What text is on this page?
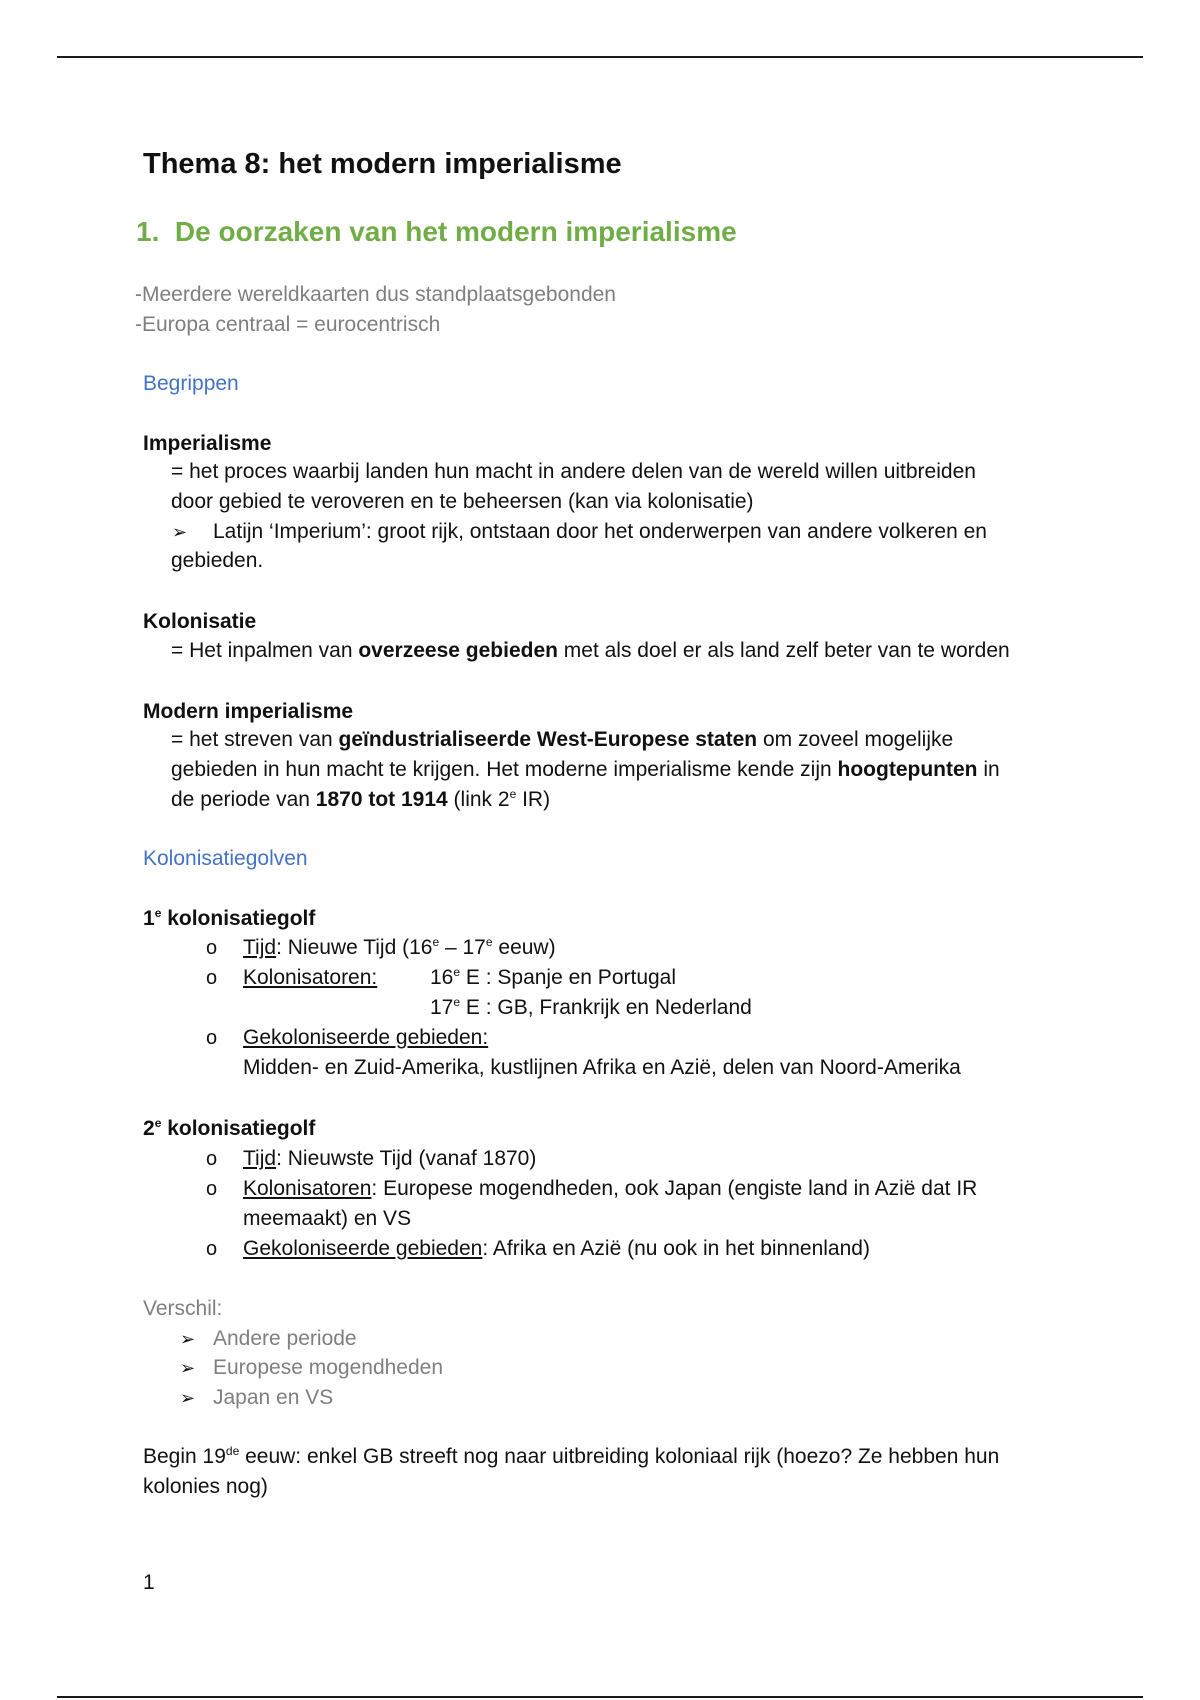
Thema 8: het modern imperialisme
1. De oorzaken van het modern imperialisme
-Meerdere wereldkaarten dus standplaatsgebonden
-Europa centraal = eurocentrisch
Begrippen
Imperialisme
= het proces waarbij landen hun macht in andere delen van de wereld willen uitbreiden
door gebied te veroveren en te beheersen (kan via kolonisatie)
➢ Latijn ‘Imperium’: groot rijk, ontstaan door het onderwerpen van andere volkeren en
gebieden.
Kolonisatie
= Het inpalmen van overzeese gebieden met als doel er als land zelf beter van te worden
Modern imperialisme
= het streven van geïndustrialiseerde West-Europese staten om zoveel mogelijke
gebieden in hun macht te krijgen. Het moderne imperialisme kende zijn hoogtepunten in
de periode van 1870 tot 1914 (link 2e IR)
Kolonisatiegolven
1e kolonisatiegolf
o Tijd: Nieuwe Tijd (16e – 17e eeuw)
o Kolonisatoren:	16e E : Spanje en Portugal
17e E : GB, Frankrijk en Nederland
o Gekoloniseerde gebieden:
Midden- en Zuid-Amerika, kustlijnen Afrika en Azië, delen van Noord-Amerika
2e kolonisatiegolf
o Tijd: Nieuwste Tijd (vanaf 1870)
o Kolonisatoren: Europese mogendheden, ook Japan (engiste land in Azië dat IR
meemaakt) en VS
o Gekoloniseerde gebieden: Afrika en Azië (nu ook in het binnenland)
Verschil:
➢ Andere periode
➢ Europese mogendheden
➢ Japan en VS
Begin 19de eeuw: enkel GB streeft nog naar uitbreiding koloniaal rijk (hoezo? Ze hebben hun
kolonies nog)
1
